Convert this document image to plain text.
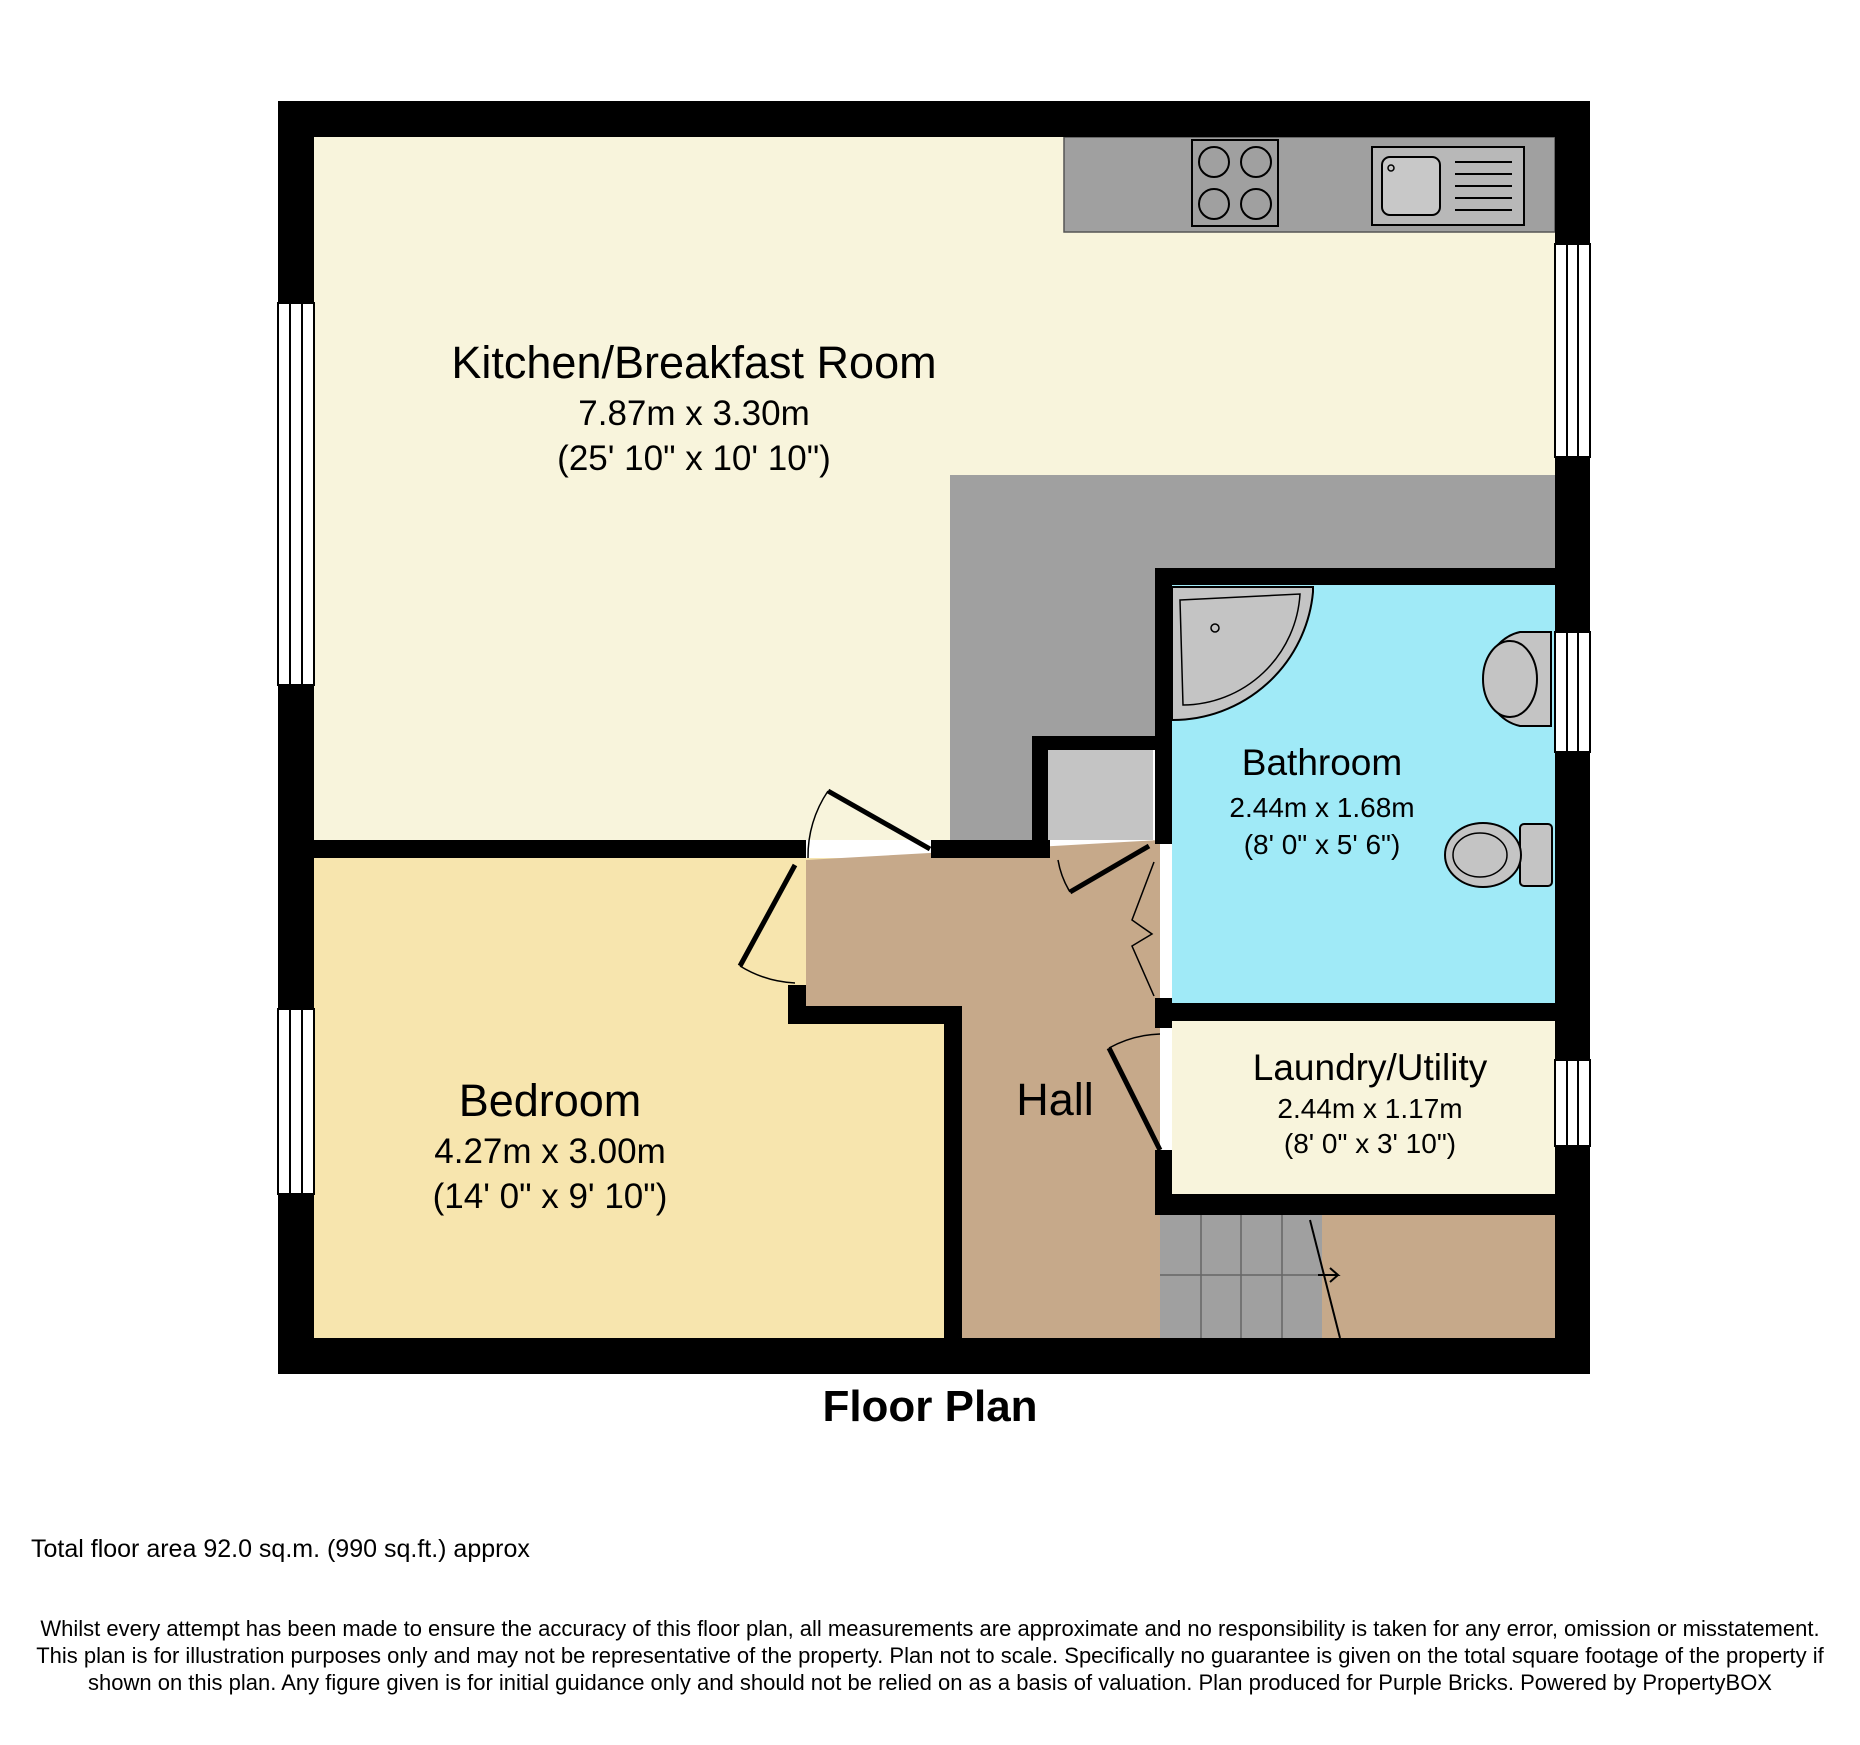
Kitchen/Breakfast Room
7.87m x 3.30m
(25' 10" x 10' 10")
Bedroom
4.27m x 3.00m
(14' 0" x 9' 10")
Bathroom
2.44m x 1.68m
(8' 0" x 5' 6")
Laundry/Utility
2.44m x 1.17m
(8' 0" x 3' 10")
Hall
Floor Plan
Total floor area 92.0 sq.m. (990 sq.ft.) approx
Whilst every attempt has been made to ensure the accuracy of this floor plan, all measurements are approximate and no responsibility is taken for any error, omission or misstatement. This plan is for illustration purposes only and may not be representative of the property. Plan not to scale. Specifically no guarantee is given on the total square footage of the property if shown on this plan. Any figure given is for initial guidance only and should not be relied on as a basis of valuation. Plan produced for Purple Bricks. Powered by PropertyBOX
